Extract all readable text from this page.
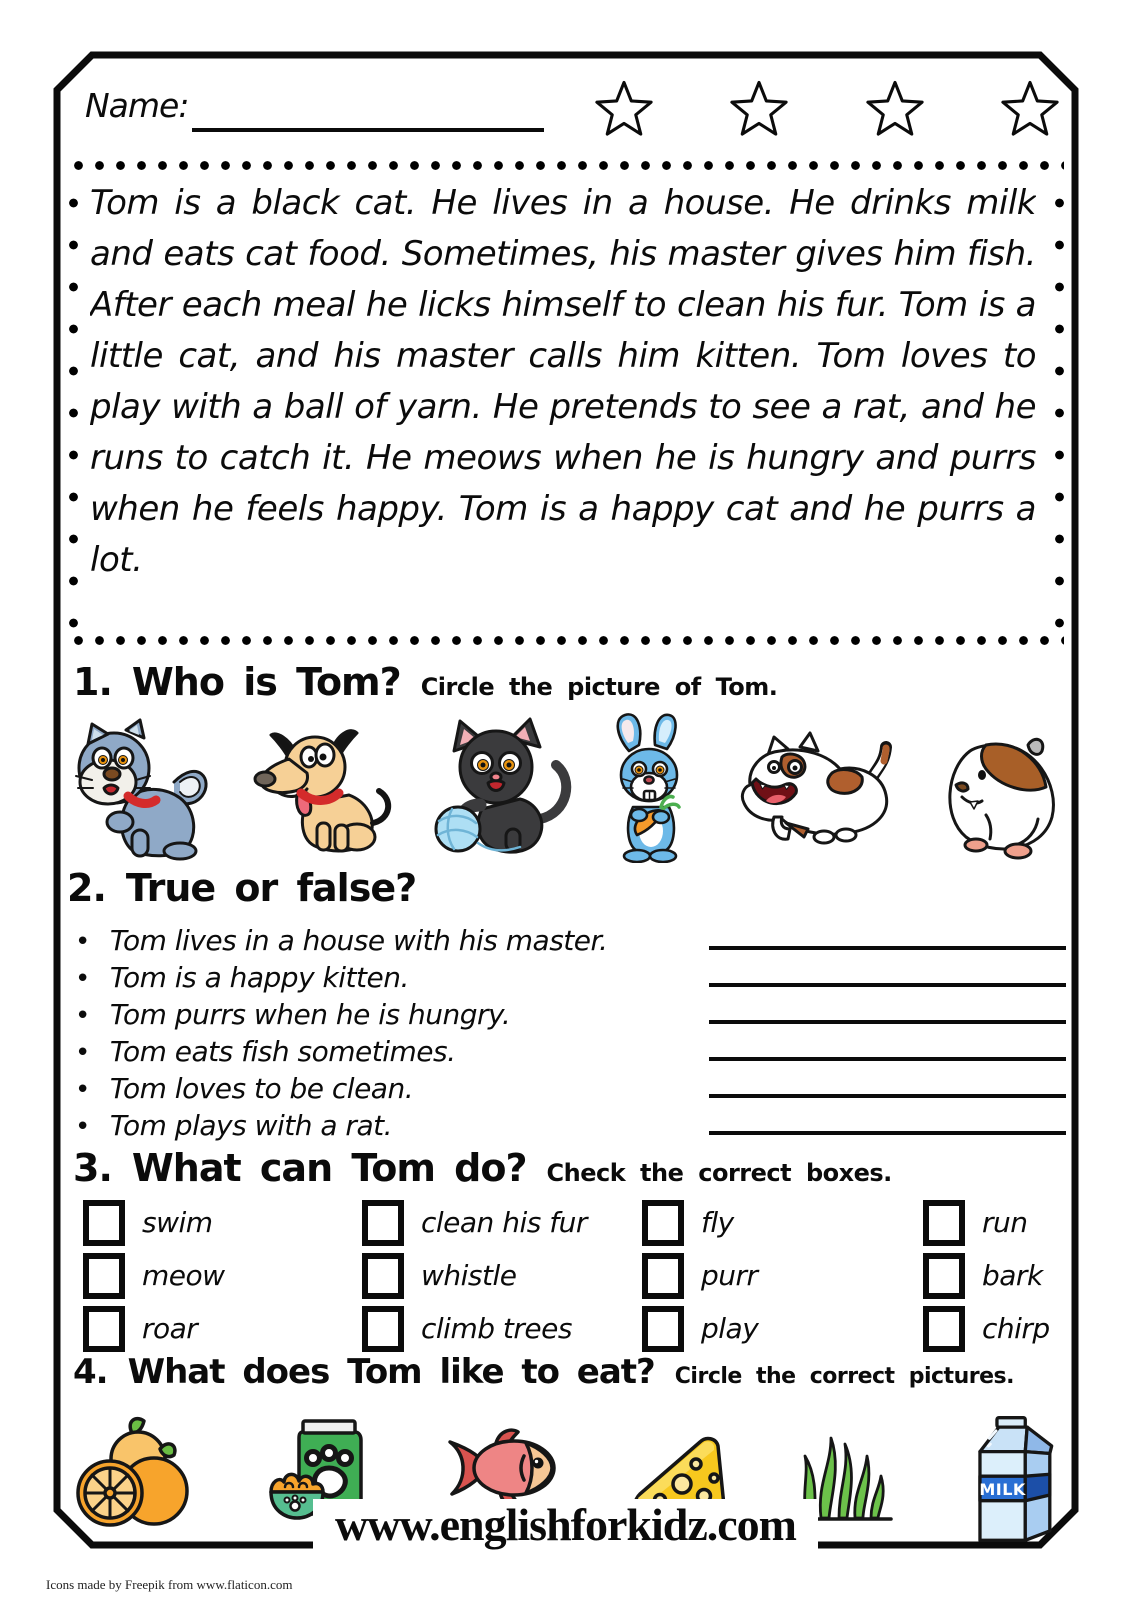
Name:
Tom is a black cat. He lives in a house. He drinks milk and eats cat food. Sometimes, his master gives him fish. After each meal he licks himself to clean his fur. Tom is a little cat, and his master calls him kitten. Tom loves to play with a ball of yarn. He pretends to see a rat, and he runs to catch it. He meows when he is hungry and purrs when he feels happy. Tom is a happy cat and he purrs a lot.
1. Who is Tom? Circle the picture of Tom.
2. True or false?
• Tom lives in a house with his master.
• Tom is a happy kitten.
• Tom purrs when he is hungry.
• Tom eats fish sometimes.
• Tom loves to be clean.
• Tom plays with a rat.
3. What can Tom do? Check the correct boxes.
swim
meow
roar
clean his fur
whistle
climb trees
fly
purr
play
run
bark
chirp
4. What does Tom like to eat? Circle the correct pictures.
MILK
www.englishforkidz.com
Icons made by Freepik from www.flaticon.com
